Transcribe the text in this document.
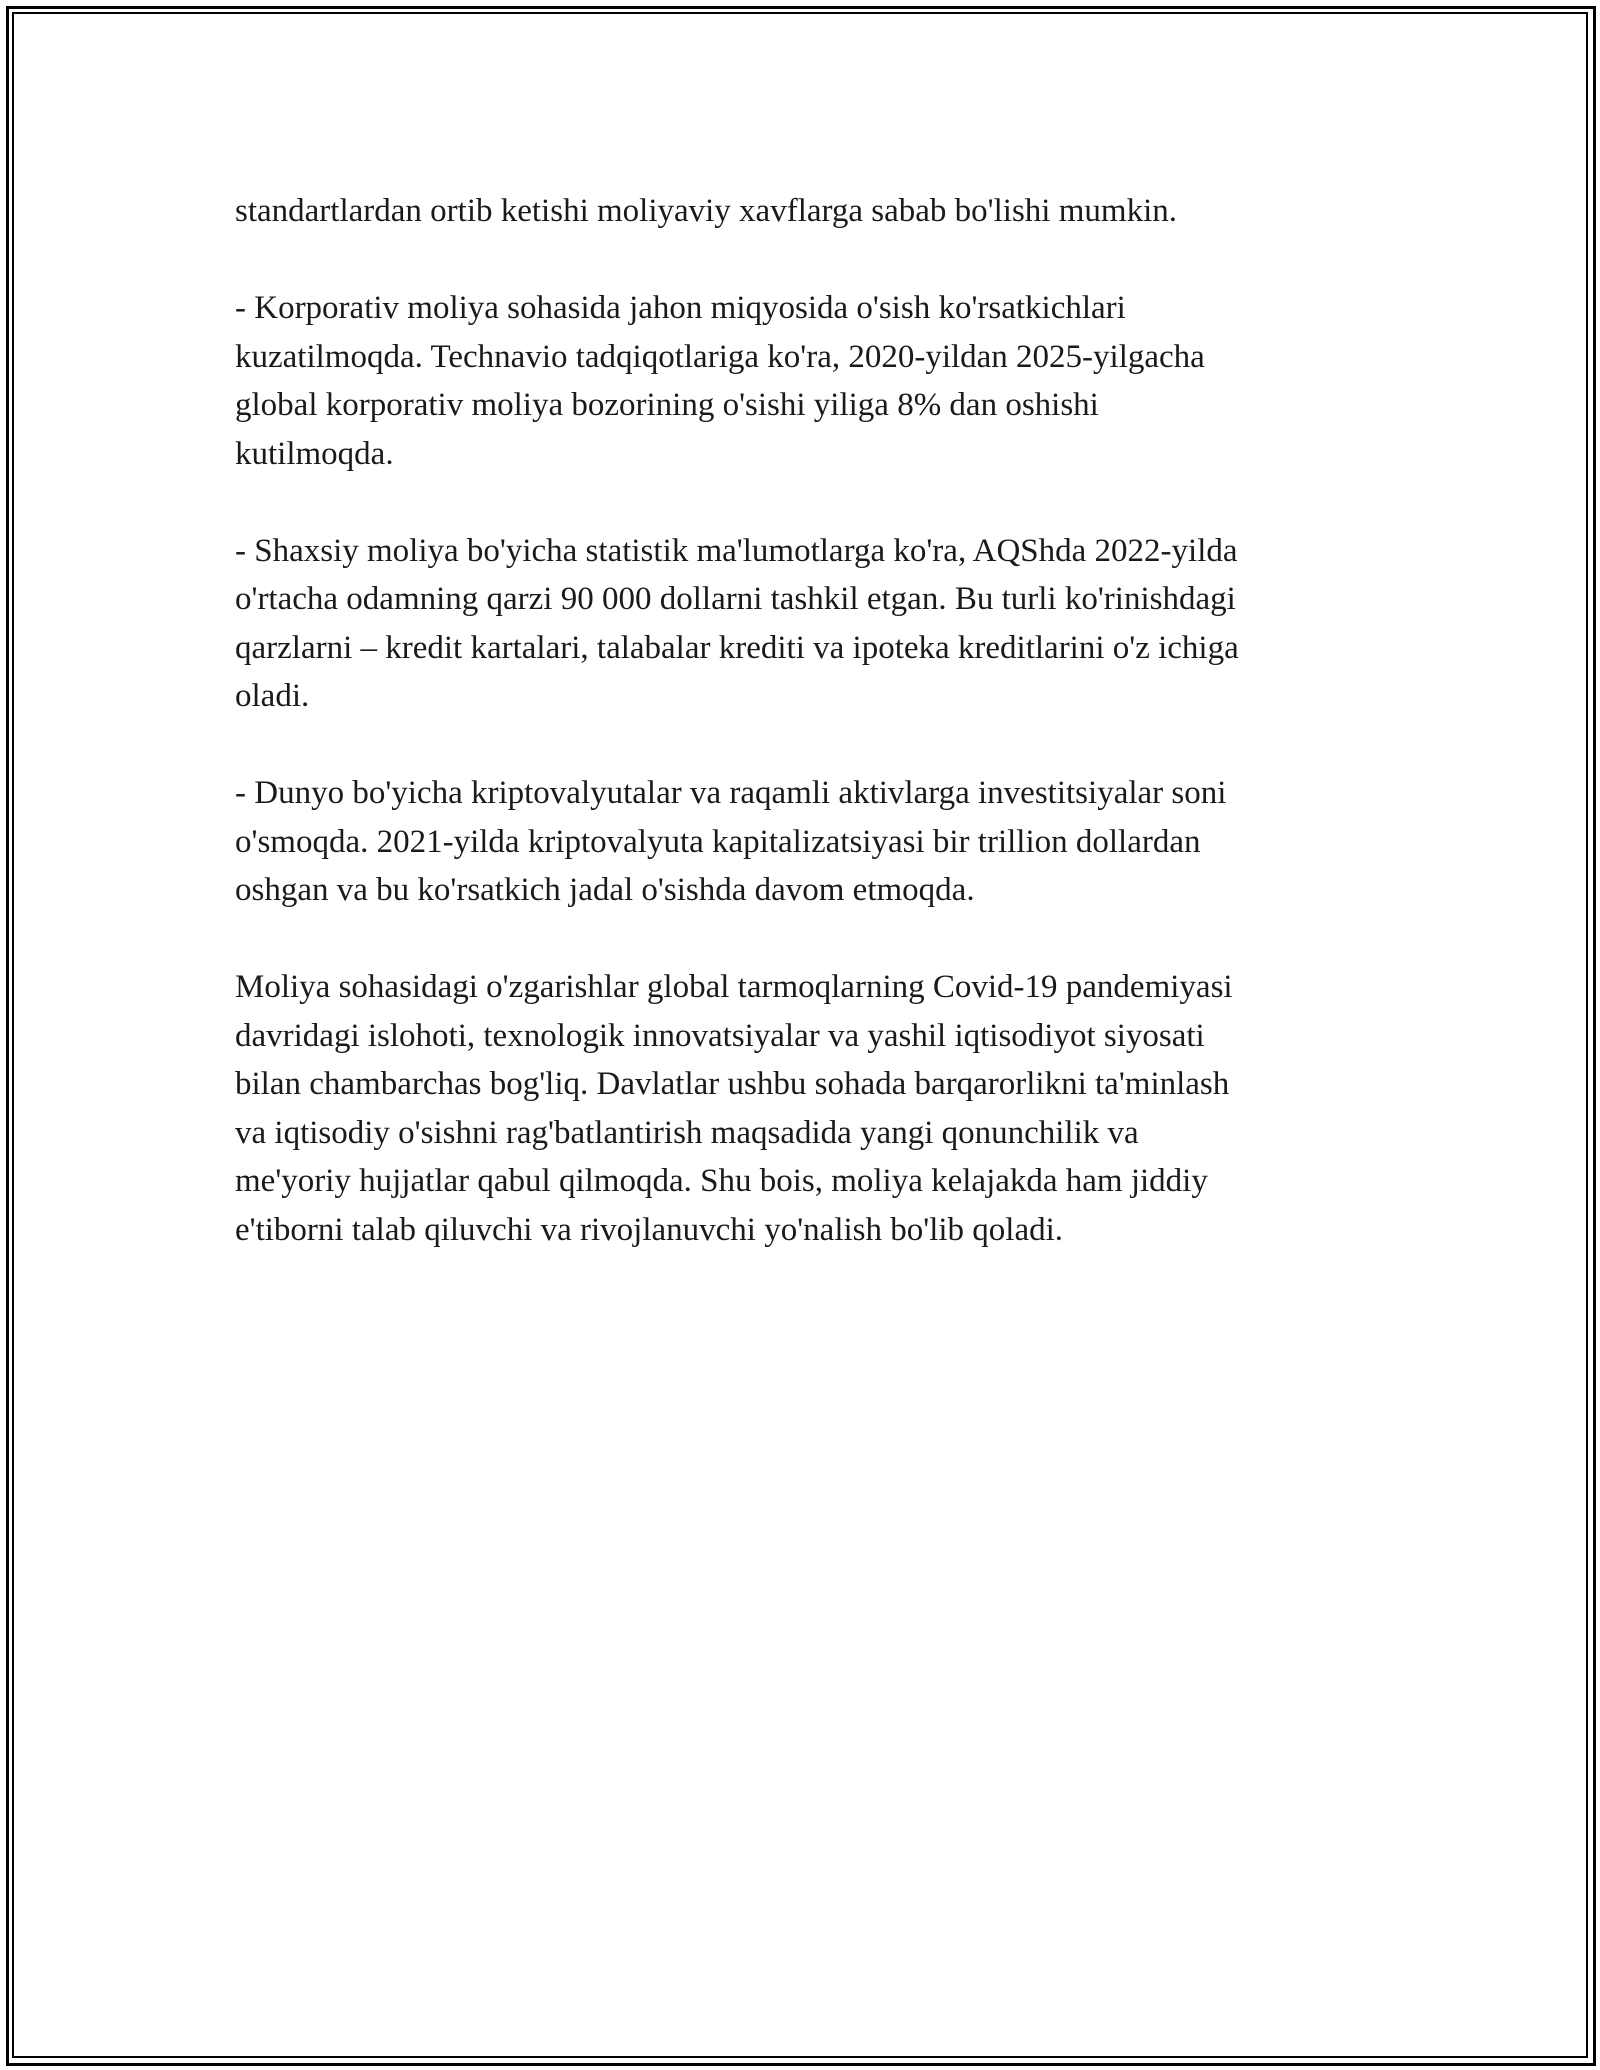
standartlardan ortib ketishi moliyaviy xavflarga sabab bo'lishi mumkin.

- Korporativ moliya sohasida jahon miqyosida o'sish ko'rsatkichlari
kuzatilmoqda. Technavio tadqiqotlariga ko'ra, 2020-yildan 2025-yilgacha
global korporativ moliya bozorining o'sishi yiliga 8% dan oshishi
kutilmoqda.

- Shaxsiy moliya bo'yicha statistik ma'lumotlarga ko'ra, AQShda 2022-yilda
o'rtacha odamning qarzi 90 000 dollarni tashkil etgan. Bu turli ko'rinishdagi
qarzlarni – kredit kartalari, talabalar krediti va ipoteka kreditlarini o'z ichiga
oladi.

- Dunyo bo'yicha kriptovalyutalar va raqamli aktivlarga investitsiyalar soni
o'smoqda. 2021-yilda kriptovalyuta kapitalizatsiyasi bir trillion dollardan
oshgan va bu ko'rsatkich jadal o'sishda davom etmoqda.

Moliya sohasidagi o'zgarishlar global tarmoqlarning Covid-19 pandemiyasi
davridagi islohoti, texnologik innovatsiyalar va yashil iqtisodiyot siyosati
bilan chambarchas bog'liq. Davlatlar ushbu sohada barqarorlikni ta'minlash
va iqtisodiy o'sishni rag'batlantirish maqsadida yangi qonunchilik va
me'yoriy hujjatlar qabul qilmoqda. Shu bois, moliya kelajakda ham jiddiy
e'tiborni talab qiluvchi va rivojlanuvchi yo'nalish bo'lib qoladi.
